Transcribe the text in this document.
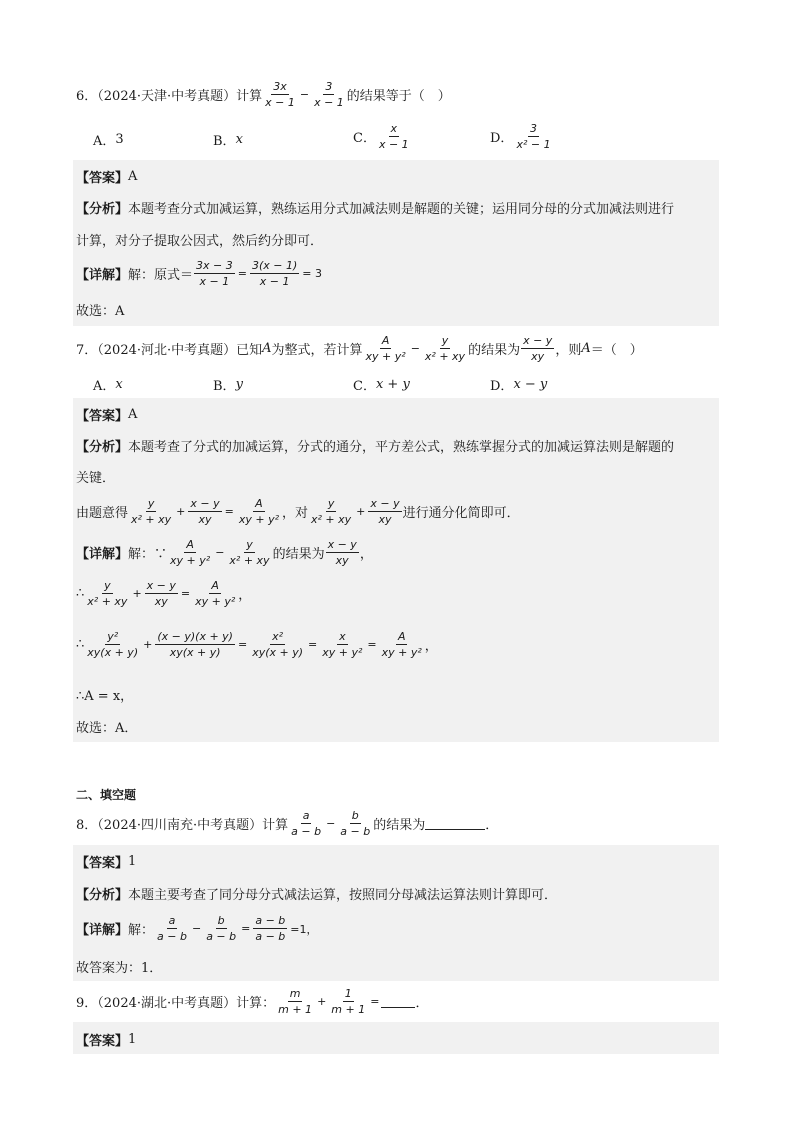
6．（2024·天津·中考真题）计算 $\frac{3x}{x - 1} - \frac{3}{x - 1}$ 的结果等于（　）
A． 3	B． x	C． $\frac{x}{x - 1}$	D． $\frac{3}{\text{x² − 1}}$
【答案】 A
【分析】 本题考查分式加减运算，熟练运用分式加减法则是解题的关键；运用同分母的分式加减法则进行
计算，对分子提取公因式，然后约分即可．
【详解】 解：原式＝ $\frac{3x - 3}{x - 1} = \frac{3(x - 1)}{x - 1} = 3$
故选：A
7．（2024·河北·中考真题）已知 A 为整式，若计算 $\frac{A}{\text{xy + y²}} - \frac{y}{\text{x² + xy}}$ 的结果为 $\frac{x - y}{xy}$ ，则 A ＝（　）
A． x	B． y	C． x + y	D． x − y
【答案】 A
【分析】 本题考查了分式的加减运算，分式的通分，平方差公式，熟练掌握分式的加减运算法则是解题的
关键．
由题意得 $\frac{y}{\text{x² + xy}} + \frac{x - y}{xy} = \frac{A}{\text{xy + y²}}$ ，对 $\frac{y}{\text{x² + xy}} + \frac{x - y}{xy}$ 进行通分化简即可．
【详解】 解：∵ $\frac{A}{\text{xy + y²}} - \frac{y}{\text{x² + xy}}$ 的结果为 $\frac{x - y}{xy}$ ，
∴ $\frac{y}{\text{x² + xy}} + \frac{x - y}{xy} = \frac{A}{\text{xy + y²}}$ ，
∴ $\frac{\text{y²}}{xy(x + y)} + \frac{(x - y)(x + y)}{xy(x + y)} = \frac{\text{x²}}{xy(x + y)} = \frac{x}{\text{xy + y²}} = \frac{A}{\text{xy + y²}}$ ，
∴A = x，
故选：A．
二、填空题
8．（2024·四川南充·中考真题）计算 $\frac{a}{a - b} - \frac{b}{a - b}$ 的结果为	．
【答案】 1
【分析】 本题主要考查了同分母分式减法运算，按照同分母减法运算法则计算即可．
【详解】 解： $\frac{a}{a - b} - \frac{b}{a - b} = \frac{a - b}{a - b} =1$，
故答案为：1．
9．（2024·湖北·中考真题）计算： $\frac{m}{m + 1} + \frac{1}{m + 1}$ =	．
【答案】 1
